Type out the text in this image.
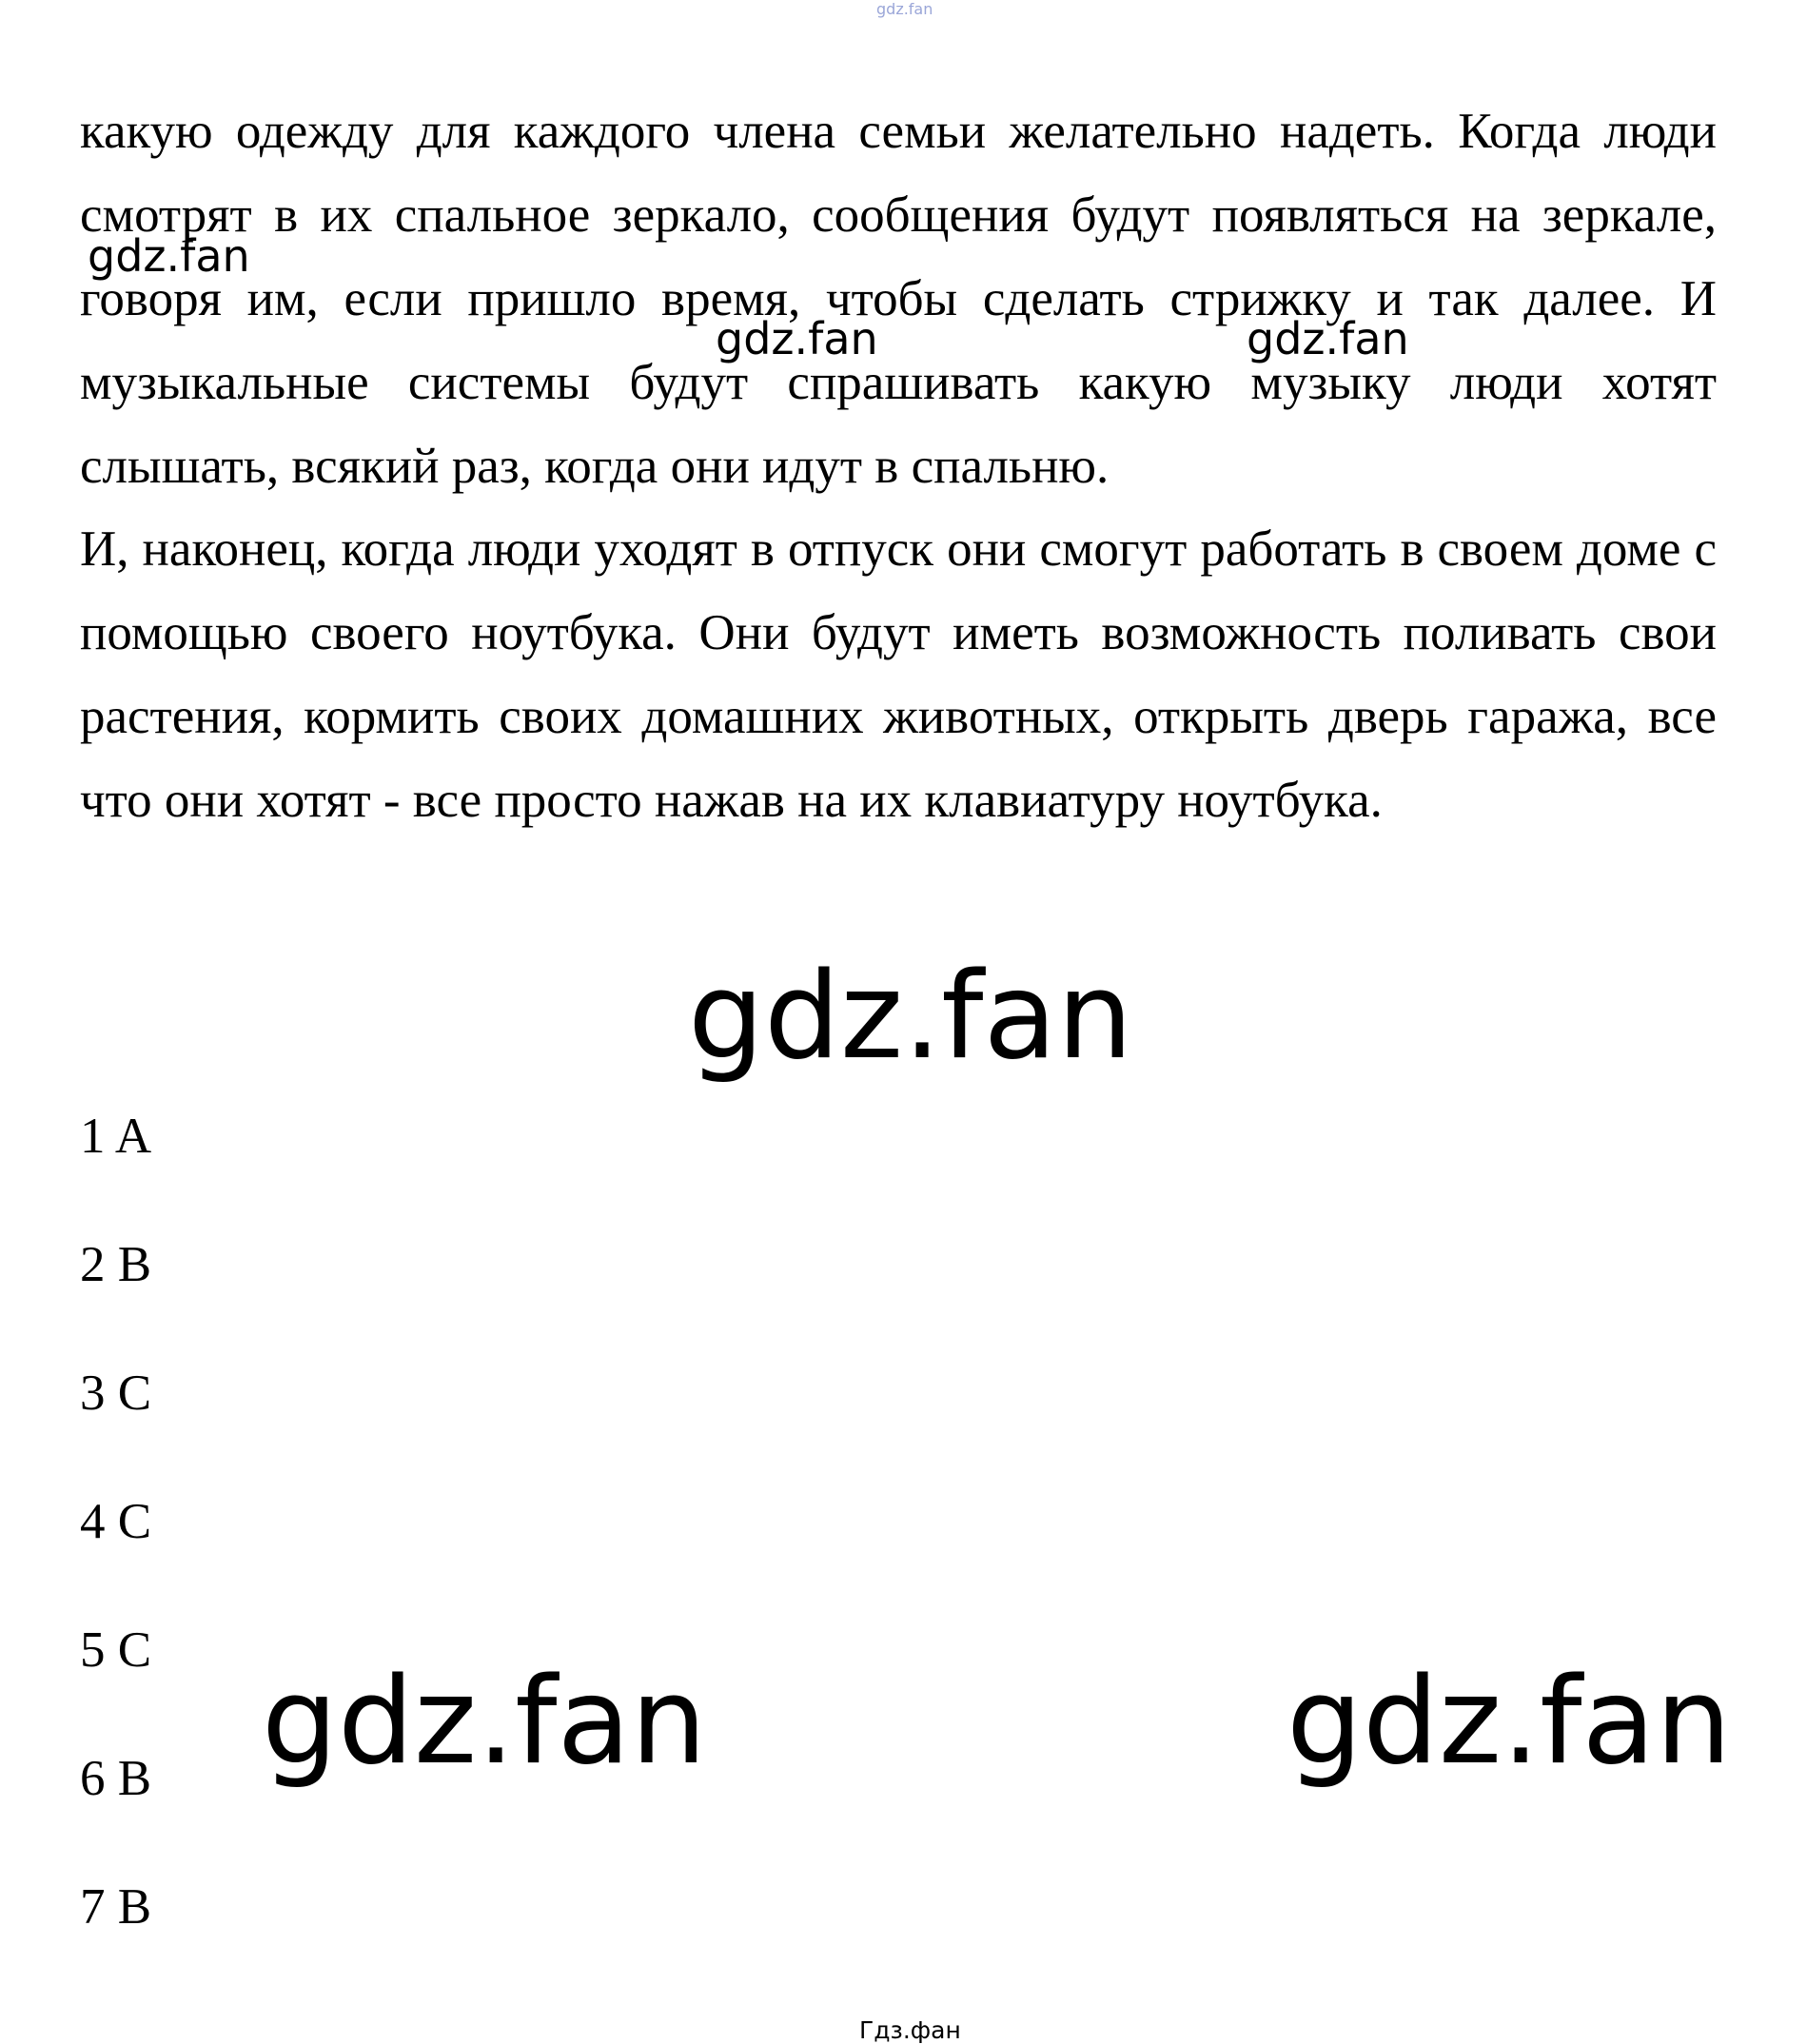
gdz.fan

какую одежду для каждого члена семьи желательно надеть. Когда люди смотрят в их спальное зеркало, сообщения будут появляться на зеркале, говоря им, если пришло время, чтобы сделать стрижку и так далее. И музыкальные системы будут спрашивать какую музыку люди хотят слышать, всякий раз, когда они идут в спальню.

И, наконец, когда люди уходят в отпуск они смогут работать в своем доме с помощью своего ноутбука. Они будут иметь возможность поливать свои растения, кормить своих домашних животных, открыть дверь гаража, все что они хотят - все просто нажав на их клавиатуру ноутбука.

1 A
2 B
3 C
4 C
5 C
6 B
7 B
gdz.fan
gdz.fan	gdz.fan
gdz.fan
gdz.fan	gdz.fan
Гдз.фан
